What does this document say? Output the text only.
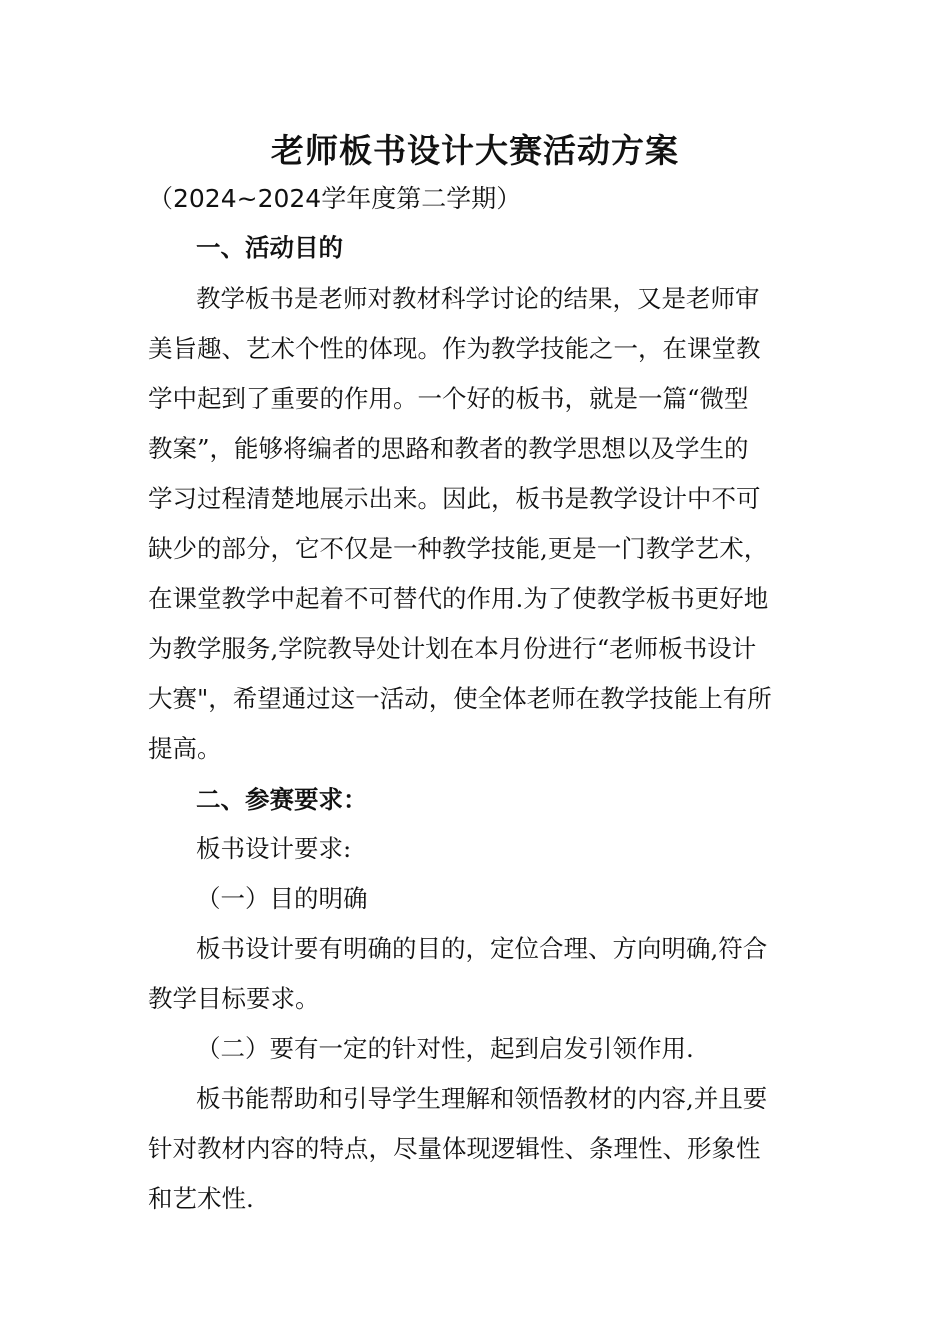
老师板书设计大赛活动方案

（2024~2024学年度第二学期）

一、活动目的

教学板书是老师对教材科学讨论的结果，又是老师审

美旨趣、艺术个性的体现。作为教学技能之一，在课堂教

学中起到了重要的作用。一个好的板书，就是一篇“微型

教案”，能够将编者的思路和教者的教学思想以及学生的

学习过程清楚地展示出来。因此，板书是教学设计中不可

缺少的部分，它不仅是一种教学技能,更是一门教学艺术，

在课堂教学中起着不可替代的作用.为了使教学板书更好地

为教学服务,学院教导处计划在本月份进行“老师板书设计

大赛"，希望通过这一活动，使全体老师在教学技能上有所

提高。

二、参赛要求：

板书设计要求:

（一）目的明确

板书设计要有明确的目的，定位合理、方向明确,符合

教学目标要求。

（二）要有一定的针对性，起到启发引领作用.

板书能帮助和引导学生理解和领悟教材的内容,并且要

针对教材内容的特点，尽量体现逻辑性、条理性、形象性

和艺术性.
